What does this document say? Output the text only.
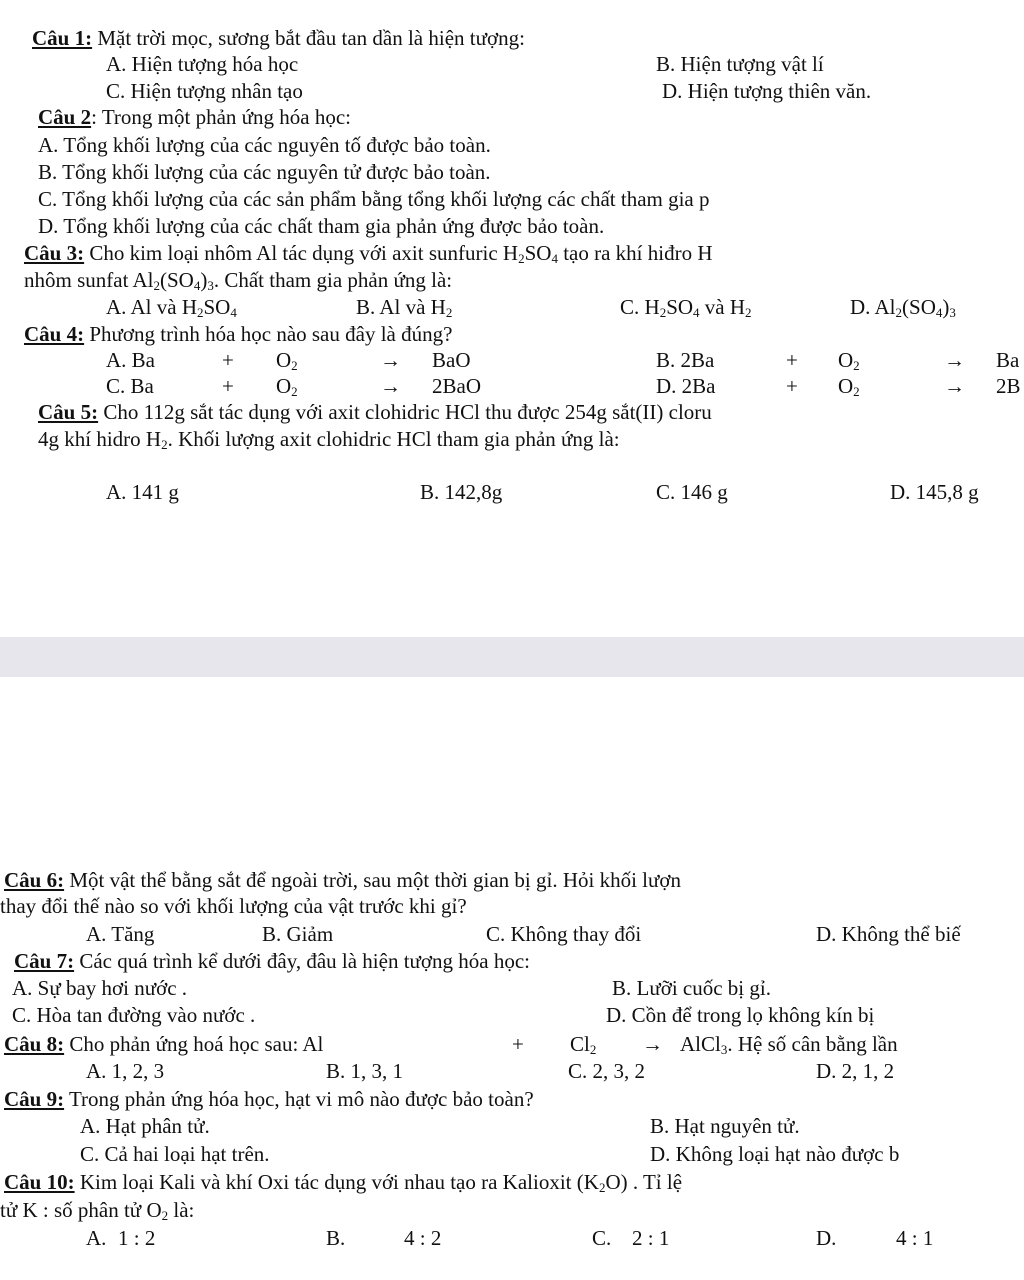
Câu 1: Mặt trời mọc, sương bắt đầu tan dần là hiện tượng:
A. Hiện tượng hóa học	B. Hiện tượng vật lí
C. Hiện tượng nhân tạo	D. Hiện tượng thiên văn.
Câu 2: Trong một phản ứng hóa học:
A. Tổng khối lượng của các nguyên tố được bảo toàn.
B. Tổng khối lượng của các nguyên tử được bảo toàn.
C. Tổng khối lượng của các sản phẩm bằng tổng khối lượng các chất tham gia p
D. Tổng khối lượng của các chất tham gia phản ứng được bảo toàn.
Câu 3: Cho kim loại nhôm Al tác dụng với axit sunfuric $H_2SO_4$ tạo ra khí hiđro H
nhôm sunfat $Al_2(SO_4)_3$. Chất tham gia phản ứng là:
A. Al và $H_2SO_4$	B. Al và $H_2$	C. $H_2SO_4$ và $H_2$	D. $Al_2(SO_4)_3$
Câu 4: Phương trình hóa học nào sau đây là đúng?
A. Ba	+ $O_2$	→ BaO	B. 2Ba	+ $O_2$	→ Ba
C. Ba	+ $O_2$	→ 2BaO	D. 2Ba	+ $O_2$	→ 2B
Câu 5: Cho 112g sắt tác dụng với axit clohidric HCl thu được 254g sắt(II) cloru
4g khí hidro $H_2$. Khối lượng axit clohidric HCl tham gia phản ứng là:
A. 141 g	B. 142,8g	C. 146 g	D. 145,8 g
Câu 6: Một vật thể bằng sắt để ngoài trời, sau một thời gian bị gỉ. Hỏi khối lượn
thay đổi thế nào so với khối lượng của vật trước khi gỉ?
A. Tăng	B. Giảm	C. Không thay đổi	D. Không thể biế
Câu 7: Các quá trình kể dưới đây, đâu là hiện tượng hóa học:
A. Sự bay hơi nước .	B. Lưỡi cuốc bị gỉ.
C. Hòa tan đường vào nước .	D. Cồn để trong lọ không kín bị
Câu 8: Cho phản ứng hoá học sau: Al	+ $Cl_2$ → AlCl$_3$. Hệ số cân bằng lần
A. 1, 2, 3	B. 1, 3, 1	C. 2, 3, 2	D. 2, 1, 2
Câu 9: Trong phản ứng hóa học, hạt vi mô nào được bảo toàn?
A. Hạt phân tử.	B. Hạt nguyên tử.
C. Cả hai loại hạt trên.	D. Không loại hạt nào được b
Câu 10: Kim loại Kali và khí Oxi tác dụng với nhau tạo ra Kalioxit $(K_2O)$ . Tỉ lệ
tử K : số phân tử $O_2$ là:
A. 1 : 2	B.	4 : 2	C. 2 : 1	D.	4 : 1
